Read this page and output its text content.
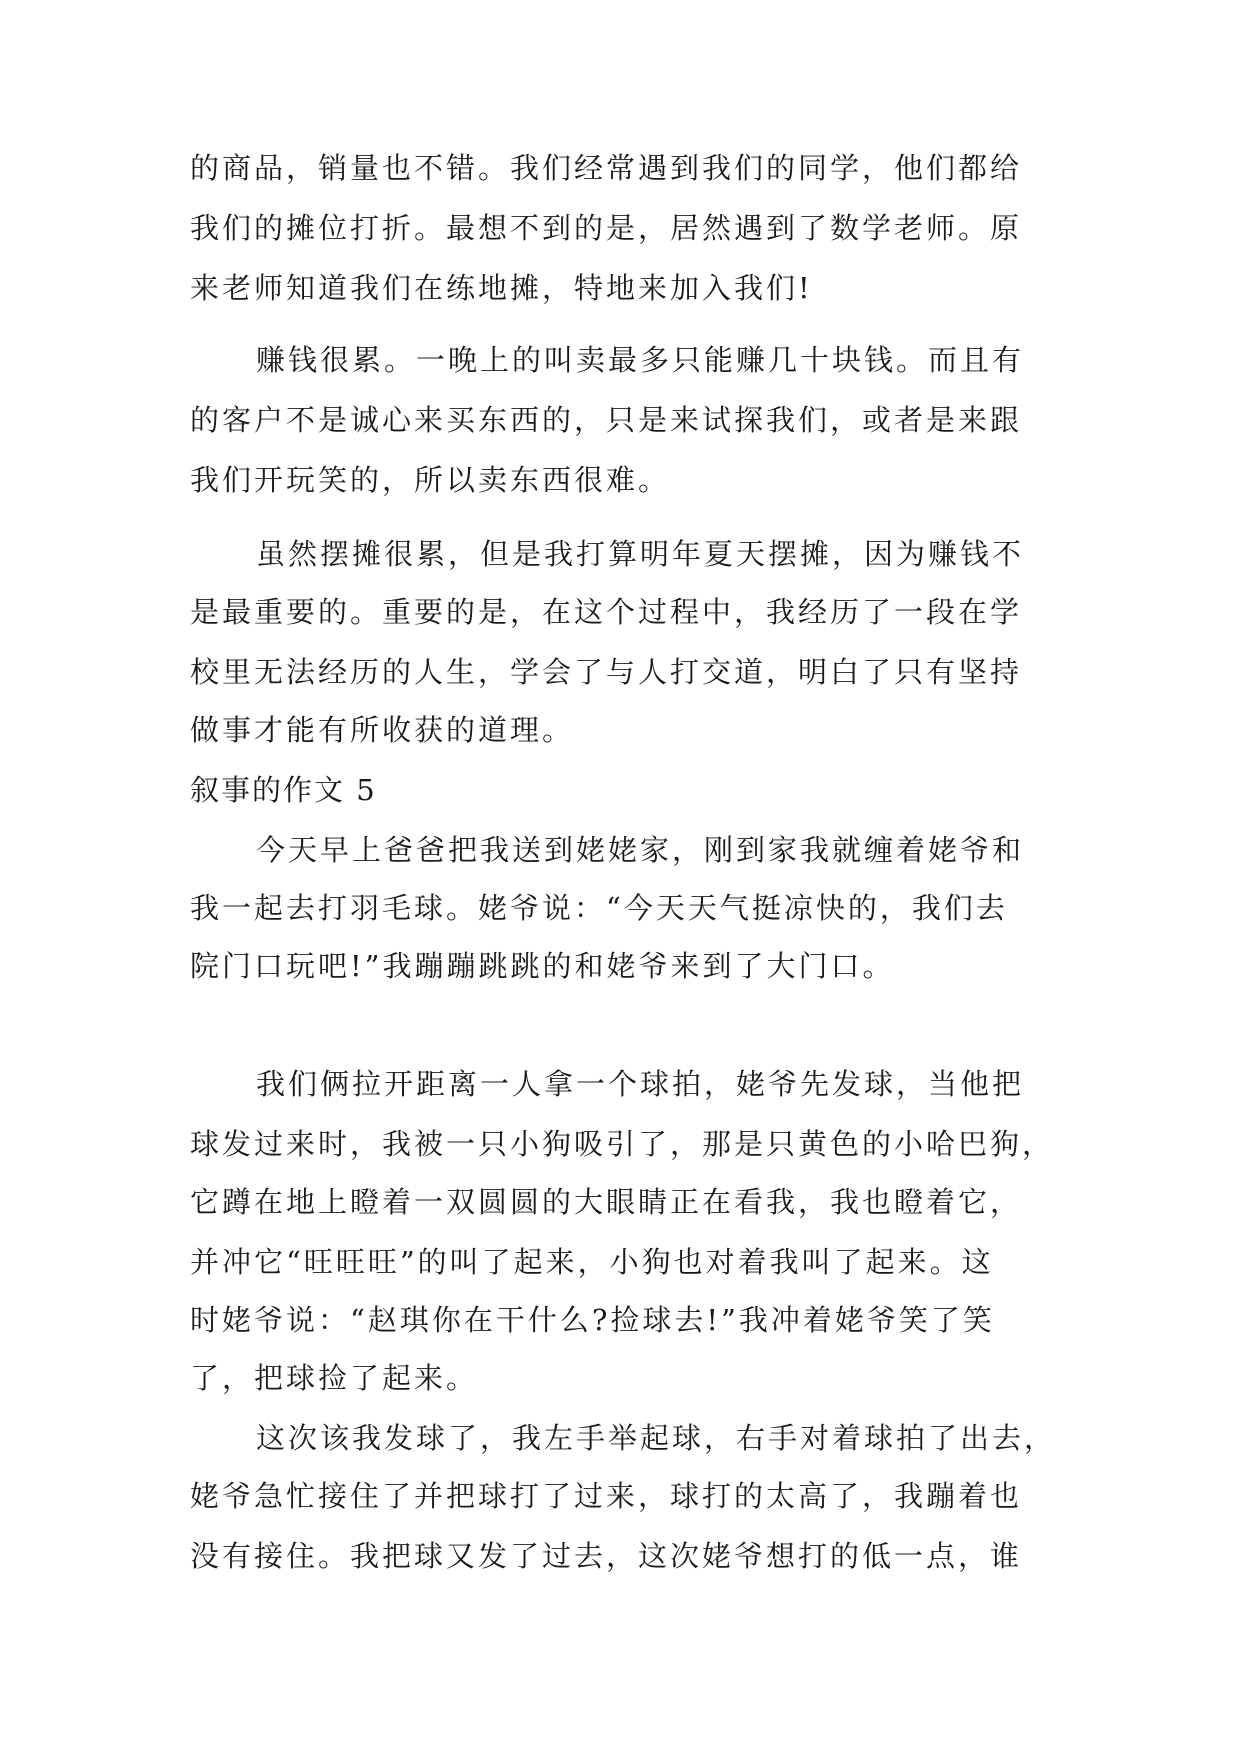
的商品，销量也不错。我们经常遇到我们的同学，他们都给
我们的摊位打折。最想不到的是，居然遇到了数学老师。原
来老师知道我们在练地摊，特地来加入我们!
赚钱很累。一晚上的叫卖最多只能赚几十块钱。而且有
的客户不是诚心来买东西的，只是来试探我们，或者是来跟
我们开玩笑的，所以卖东西很难。
虽然摆摊很累，但是我打算明年夏天摆摊，因为赚钱不
是最重要的。重要的是，在这个过程中，我经历了一段在学
校里无法经历的人生，学会了与人打交道，明白了只有坚持
做事才能有所收获的道理。
叙事的作文 5
今天早上爸爸把我送到姥姥家，刚到家我就缠着姥爷和
我一起去打羽毛球。姥爷说：“今天天气挺凉快的，我们去
院门口玩吧!”我蹦蹦跳跳的和姥爷来到了大门口。
我们俩拉开距离一人拿一个球拍，姥爷先发球，当他把
球发过来时，我被一只小狗吸引了，那是只黄色的小哈巴狗，
它蹲在地上瞪着一双圆圆的大眼睛正在看我，我也瞪着它，
并冲它“旺旺旺”的叫了起来，小狗也对着我叫了起来。这
时姥爷说：“赵琪你在干什么?捡球去!”我冲着姥爷笑了笑
了，把球捡了起来。
这次该我发球了，我左手举起球，右手对着球拍了出去，
姥爷急忙接住了并把球打了过来，球打的太高了，我蹦着也
没有接住。我把球又发了过去，这次姥爷想打的低一点，谁
